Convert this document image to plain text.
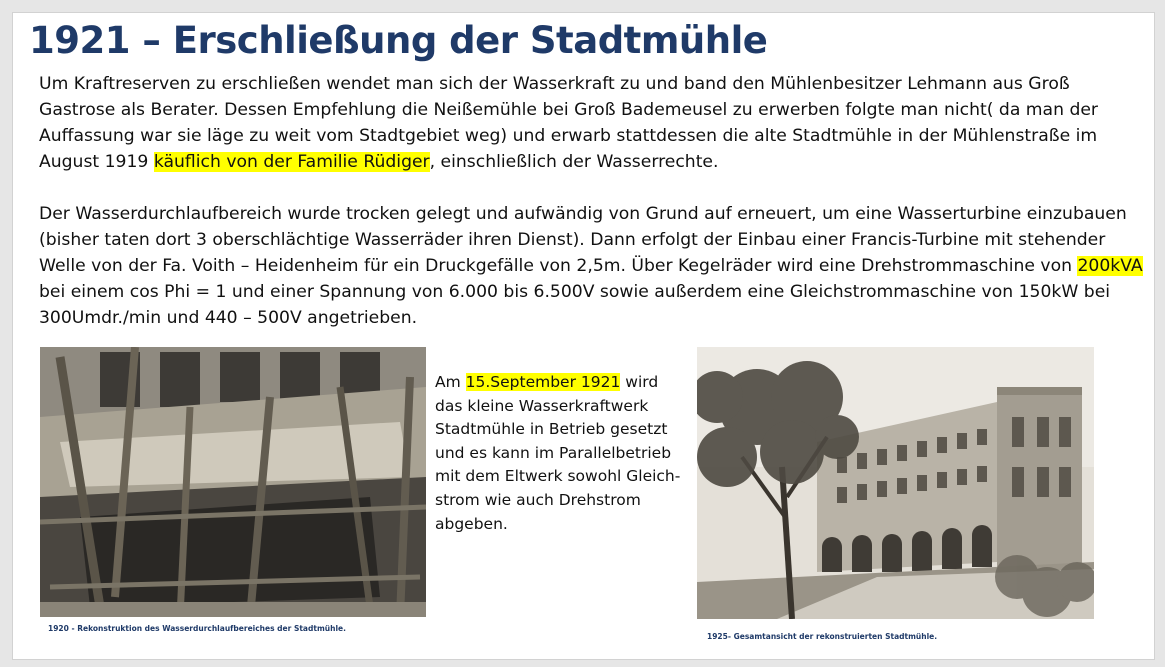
1921 – Erschließung der Stadtmühle

Um Kraftreserven zu erschließen wendet man sich der Wasserkraft zu und band den Mühlenbesitzer Lehmann aus Groß Gastrose als Berater. Dessen Empfehlung die Neißemühle bei Groß Bademeusel zu erwerben folgte man nicht( da man der Auffassung war sie läge zu weit vom Stadtgebiet weg) und erwarb stattdessen die alte Stadtmühle in der Mühlenstraße im August 1919 käuflich von der Familie Rüdiger, einschließlich der Wasserrechte.

Der Wasserdurchlaufbereich wurde trocken gelegt und aufwändig von Grund auf erneuert, um eine Wasserturbine einzubauen (bisher taten dort 3 oberschlächtige Wasserräder ihren Dienst). Dann erfolgt der Einbau einer Francis-Turbine mit stehender Welle von der Fa. Voith – Heidenheim für ein Druckgefälle von 2,5m. Über Kegelräder wird eine Drehstrommaschine von 200kVA bei einem cos Phi = 1 und einer Spannung von 6.000 bis 6.500V sowie außerdem eine Gleichstrommaschine von 150kW bei 300Umdr./min und 440 – 500V angetrieben.

Am 15.September 1921 wird
das kleine Wasserkraftwerk
Stadtmühle in Betrieb gesetzt
und es kann im Parallelbetrieb
mit dem Eltwerk sowohl Gleich-
strom wie auch Drehstrom
abgeben.

1920 - Rekonstruktion des Wasserdurchlaufbereiches der Stadtmühle.

1925- Gesamtansicht der rekonstruierten Stadtmühle.
